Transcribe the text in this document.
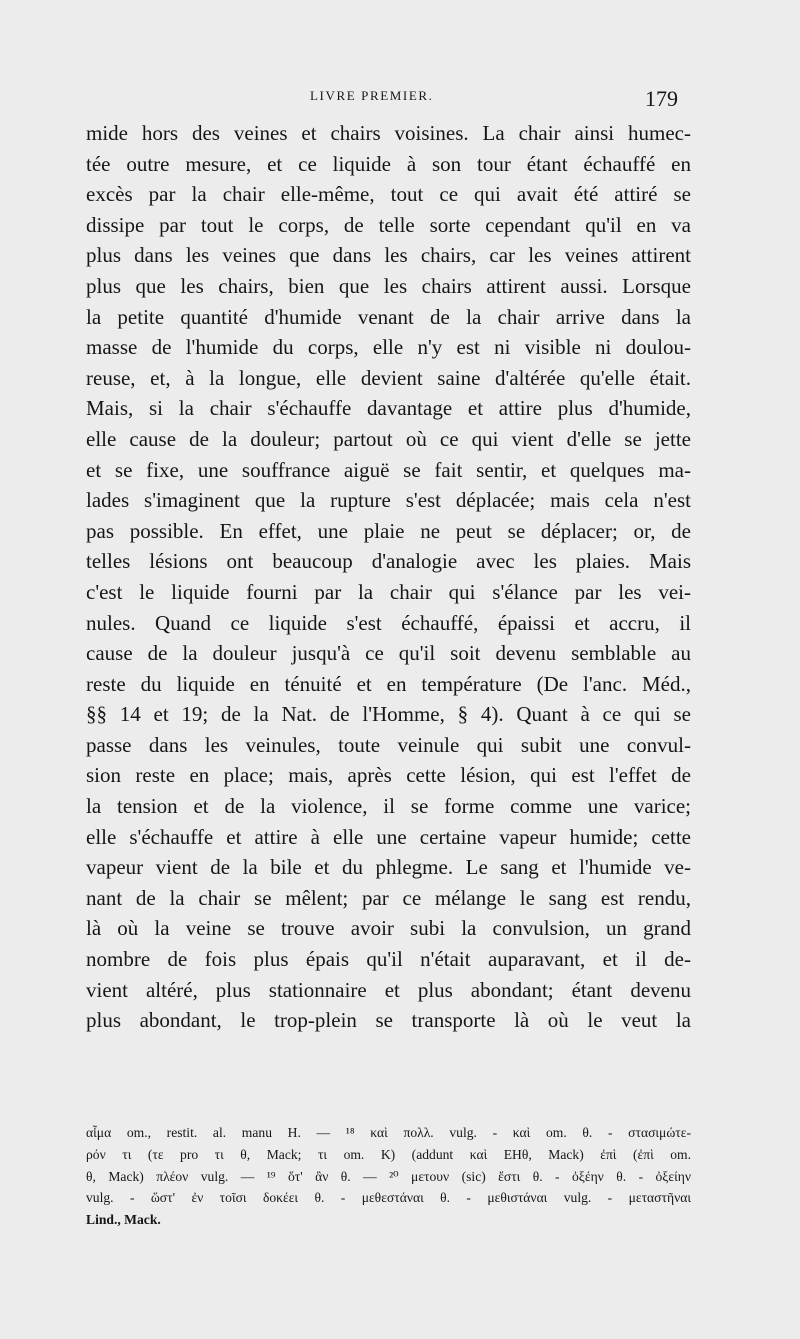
LIVRE PREMIER.	179
mide hors des veines et chairs voisines. La chair ainsi humec-
tée outre mesure, et ce liquide à son tour étant échauffé en
excès par la chair elle-même, tout ce qui avait été attiré se
dissipe par tout le corps, de telle sorte cependant qu'il en va
plus dans les veines que dans les chairs, car les veines attirent
plus que les chairs, bien que les chairs attirent aussi. Lorsque
la petite quantité d'humide venant de la chair arrive dans la
masse de l'humide du corps, elle n'y est ni visible ni doulou-
reuse, et, à la longue, elle devient saine d'altérée qu'elle était.
Mais, si la chair s'échauffe davantage et attire plus d'humide,
elle cause de la douleur; partout où ce qui vient d'elle se jette
et se fixe, une souffrance aiguë se fait sentir, et quelques ma-
lades s'imaginent que la rupture s'est déplacée; mais cela n'est
pas possible. En effet, une plaie ne peut se déplacer; or, de
telles lésions ont beaucoup d'analogie avec les plaies. Mais
c'est le liquide fourni par la chair qui s'élance par les vei-
nules. Quand ce liquide s'est échauffé, épaissi et accru, il
cause de la douleur jusqu'à ce qu'il soit devenu semblable au
reste du liquide en ténuité et en température (De l'anc. Méd.,
§§ 14 et 19; de la Nat. de l'Homme, § 4). Quant à ce qui se
passe dans les veinules, toute veinule qui subit une convul-
sion reste en place; mais, après cette lésion, qui est l'effet de
la tension et de la violence, il se forme comme une varice;
elle s'échauffe et attire à elle une certaine vapeur humide; cette
vapeur vient de la bile et du phlegme. Le sang et l'humide ve-
nant de la chair se mêlent; par ce mélange le sang est rendu,
là où la veine se trouve avoir subi la convulsion, un grand
nombre de fois plus épais qu'il n'était auparavant, et il de-
vient altéré, plus stationnaire et plus abondant; étant devenu
plus abondant, le trop-plein se transporte là où le veut la
αἷμα om., restit. al. manu H. — ¹⁸ καὶ πολλ. vulg. - καὶ om. θ. - στασιμώτε-
ρόν τι (τε pro τι θ, Mack; τι om. K) (addunt καὶ EHθ, Mack) ἐπὶ (ἐπὶ om.
θ, Mack) πλέον vulg. — ¹⁹ ὅτ' ἂν θ. — ²⁰ μετουν (sic) ἔστι θ. - ὀξέην θ. - ὀξείην
vulg. - ὥστ' ἐν τοῖσι δοκέει θ. - μεθεστάναι θ. - μεθιστάναι vulg. - μεταστῆναι
Lind., Mack.
